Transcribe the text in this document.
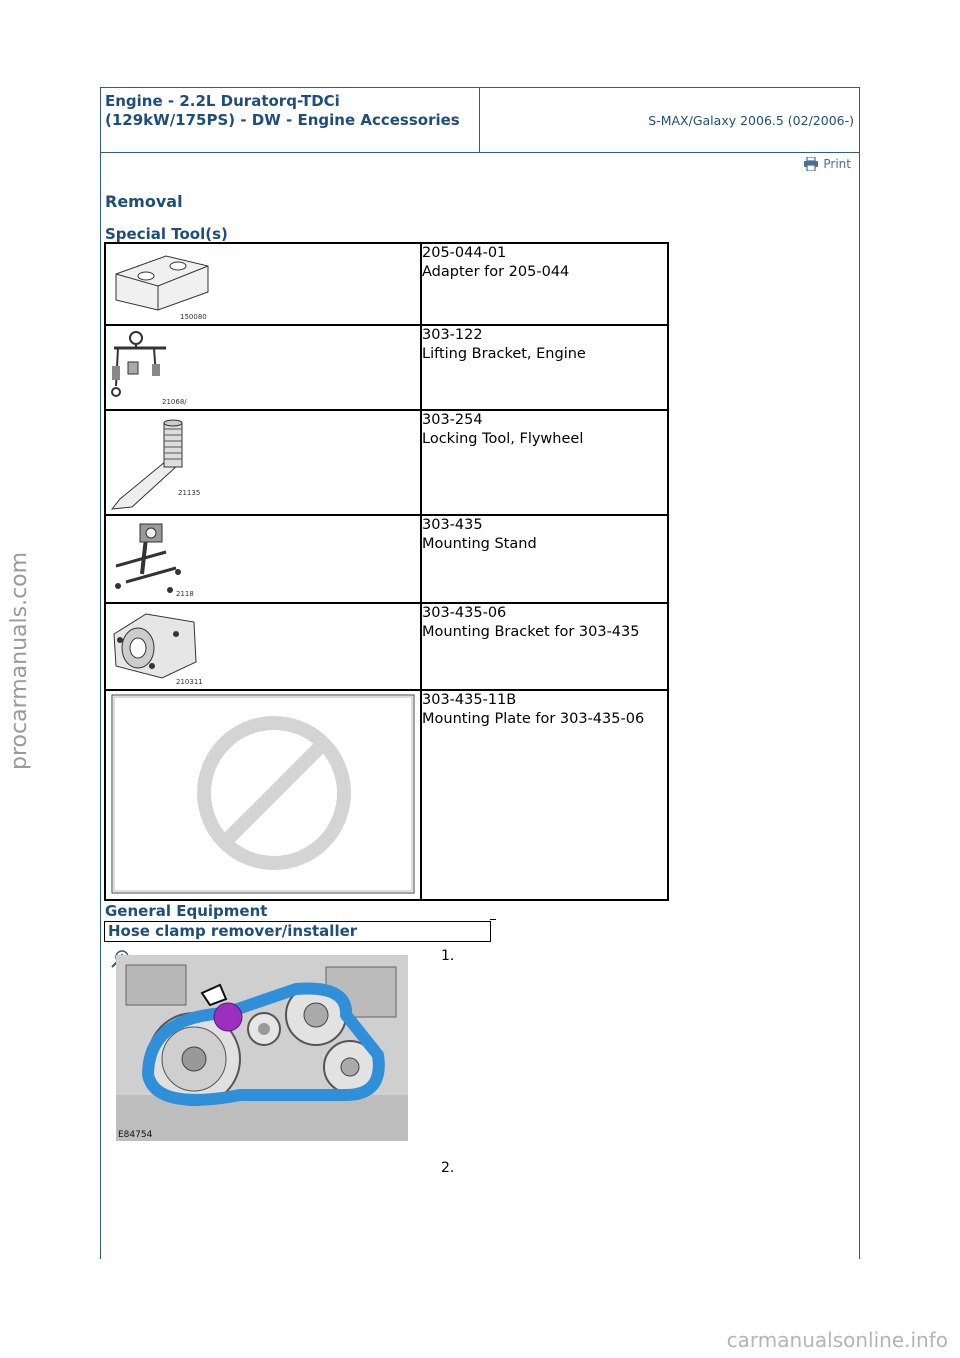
Engine - 2.2L Duratorq-TDCi (129kW/175PS) - DW - Engine Accessories	S-MAX/Galaxy 2006.5 (02/2006-)
Print
Removal
Special Tool(s)
150080	205-044-01
Adapter for 205-044

21068/	303-122
Lifting Bracket, Engine

21135	303-254
Locking Tool, Flywheel

2118	303-435
Mounting Stand

210311	303-435-06
Mounting Bracket for 303-435

303-435-11B
Mounting Plate for 303-435-06
General Equipment
Hose clamp remover/installer
E84754
1.
2.
procarmanuals.com
carmanualsonline.info
